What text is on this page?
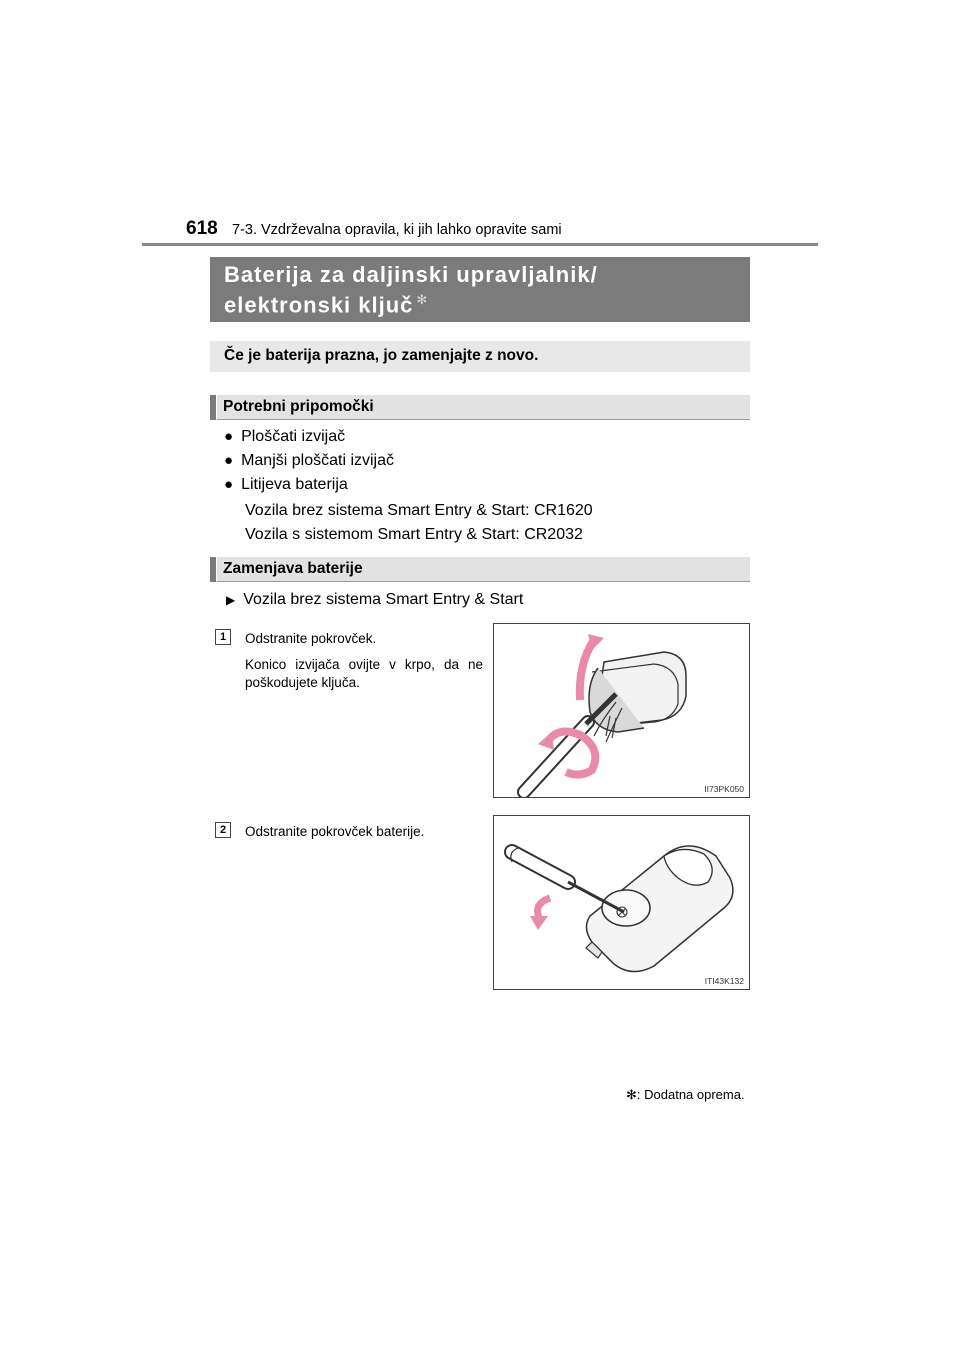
618 7-3. Vzdrževalna opravila, ki jih lahko opravite sami
Baterija za daljinski upravljalnik/
elektronski ključ ✻
Če je baterija prazna, jo zamenjajte z novo.
Potrebni pripomočki
● Ploščati izvijač
● Manjši ploščati izvijač
● Litijeva baterija
Vozila brez sistema Smart Entry & Start: CR1620
Vozila s sistemom Smart Entry & Start: CR2032
Zamenjava baterije
▶ Vozila brez sistema Smart Entry & Start
1	Odstranite pokrovček.
Konico izvijača ovijte v krpo, da ne poškodujete ključa.
II73PK050
2	Odstranite pokrovček baterije.
ITI43K132
✻: Dodatna oprema.
